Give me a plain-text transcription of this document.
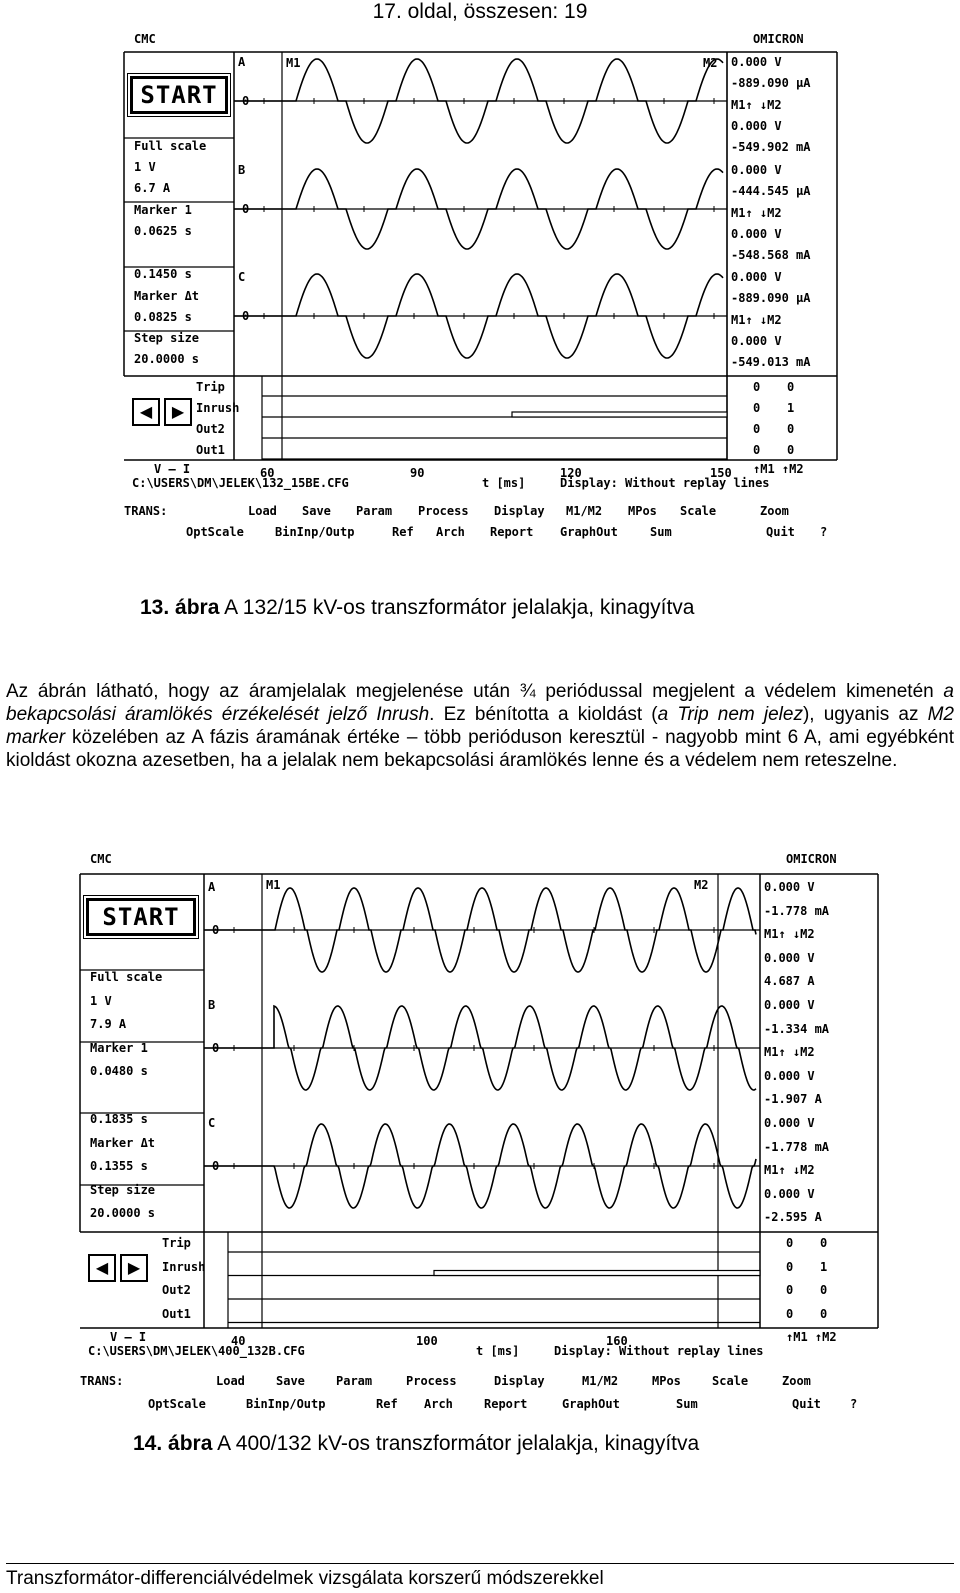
17. oldal, összesen: 19
A
0
0.000 V
-889.090 µA
M1↑ ↓M2
0.000 V
-549.902 mA
B
0
0.000 V
-444.545 µA
M1↑ ↓M2
0.000 V
-548.568 mA
C
0
0.000 V
-889.090 µA
M1↑ ↓M2
0.000 V
-549.013 mA
CMC	OMICRON
M1	M2
START
Full scale
1 V
6.7 A
Marker 1
0.0625 s
0.1450 s
Marker Δt
0.0825 s
Step size
20.0000 s
Trip	0 0
Inrush	0 1
Out2	0 0
Out1	0 0
◀	▶
V — I	60	90	120	150 ↑M1 ↑M2
C:\USERS\DM\JELEK\132_15BE.CFG	t [ms]	Display: Without replay lines
TRANS:	Load Save Param Process Display M1/M2 MPos Scale	Zoom
OptScale	BinInp/Outp	Ref Arch Report GraphOut	Sum	Quit ?
13. ábra A 132/15 kV-os transzformátor jelalakja, kinagyítva
Az ábrán látható, hogy az áramjelalak megjelenése után ¾ periódussal megjelent a védelem kimenetén a bekapcsolási áramlökés érzékelését jelző Inrush. Ez bénította a kioldást (a Trip nem jelez), ugyanis az M2 marker közelében az A fázis áramának értéke – több perióduson keresztül - nagyobb mint 6 A, ami egyébként kioldást okozna azesetben, ha a jelalak nem bekapcsolási áramlökés lenne és a védelem nem reteszelne.
A
0
0.000 V
-1.778 mA
M1↑ ↓M2
0.000 V
4.687 A
B
0
0.000 V
-1.334 mA
M1↑ ↓M2
0.000 V
-1.907 A
C
0
0.000 V
-1.778 mA
M1↑ ↓M2
0.000 V
-2.595 A
CMC	OMICRON
M1	M2
START
Full scale
1 V
7.9 A
Marker 1
0.0480 s
0.1835 s
Marker Δt
0.1355 s
Step size
20.0000 s
Trip	0 0
Inrush	0 1
Out2	0 0
Out1	0 0
◀	▶
V — I	40	100	160	↑M1 ↑M2
C:\USERS\DM\JELEK\400_132B.CFG	t [ms]	Display: Without replay lines
TRANS:	Load	Save	Param	Process	Display	M1/M2	MPos	Scale	Zoom
OptScale	BinInp/Outp	Ref Arch	Report	GraphOut	Sum	Quit ?
14. ábra A 400/132 kV-os transzformátor jelalakja, kinagyítva
Transzformátor-differenciálvédelmek vizsgálata korszerű módszerekkel
